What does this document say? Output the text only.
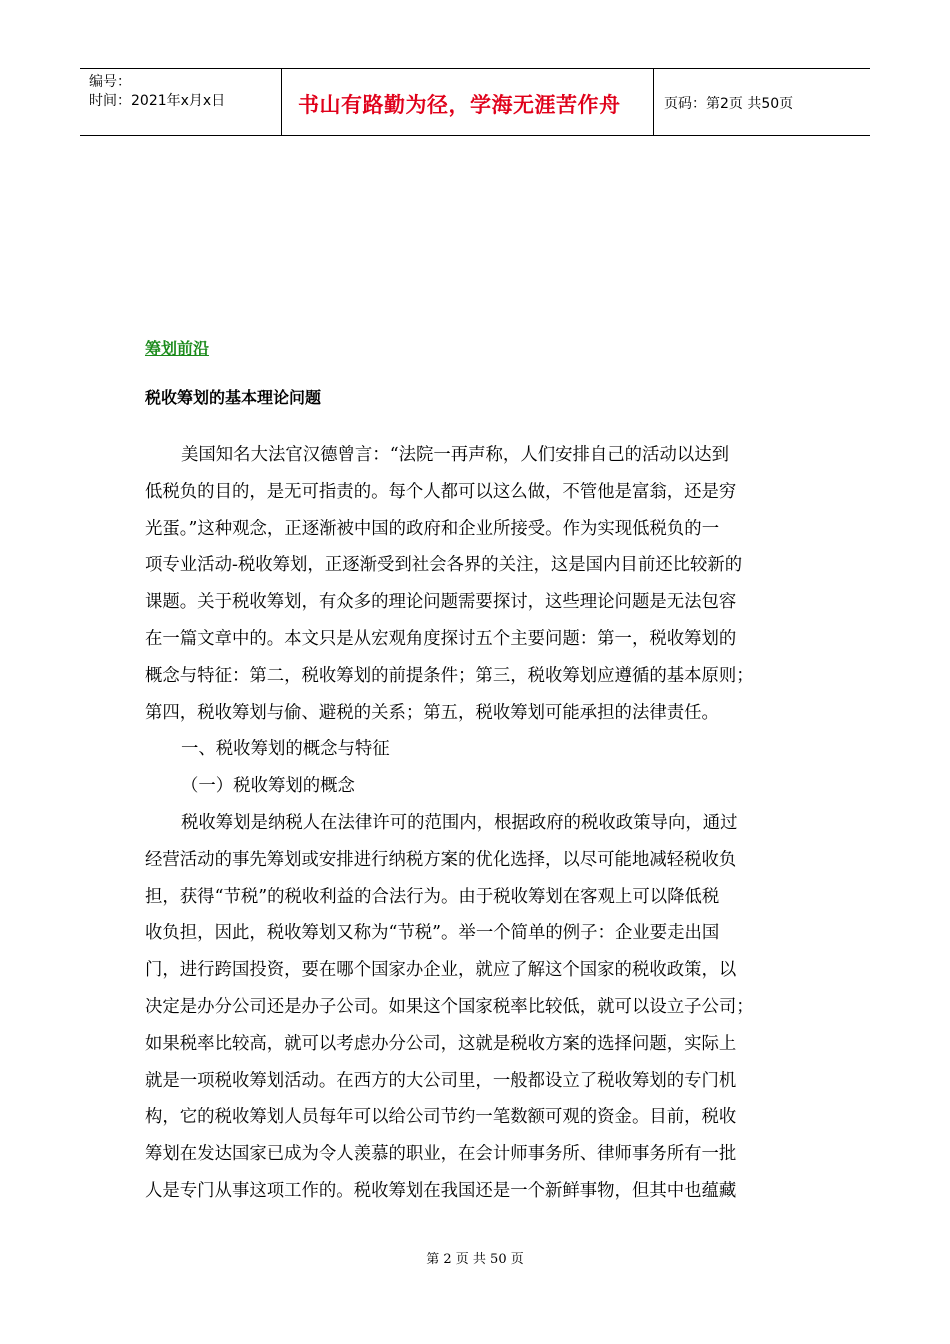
编号：
时间：2021年x月x日	书山有路勤为径，学海无涯苦作舟	页码：第2页 共50页
筹划前沿
税收筹划的基本理论问题
美国知名大法官汉德曾言：“法院一再声称，人们安排自己的活动以达到
低税负的目的，是无可指责的。每个人都可以这么做，不管他是富翁，还是穷
光蛋。”这种观念，正逐渐被中国的政府和企业所接受。作为实现低税负的一
项专业活动-税收筹划，正逐渐受到社会各界的关注，这是国内目前还比较新的
课题。关于税收筹划，有众多的理论问题需要探讨，这些理论问题是无法包容
在一篇文章中的。本文只是从宏观角度探讨五个主要问题：第一，税收筹划的
概念与特征：第二，税收筹划的前提条件；第三，税收筹划应遵循的基本原则；
第四，税收筹划与偷、避税的关系；第五，税收筹划可能承担的法律责任。
一、税收筹划的概念与特征
（一）税收筹划的概念
税收筹划是纳税人在法律许可的范围内，根据政府的税收政策导向，通过
经营活动的事先筹划或安排进行纳税方案的优化选择，以尽可能地减轻税收负
担，获得“节税”的税收利益的合法行为。由于税收筹划在客观上可以降低税
收负担，因此，税收筹划又称为“节税”。举一个简单的例子：企业要走出国
门，进行跨国投资，要在哪个国家办企业，就应了解这个国家的税收政策，以
决定是办分公司还是办子公司。如果这个国家税率比较低，就可以设立子公司；
如果税率比较高，就可以考虑办分公司，这就是税收方案的选择问题，实际上
就是一项税收筹划活动。在西方的大公司里，一般都设立了税收筹划的专门机
构，它的税收筹划人员每年可以给公司节约一笔数额可观的资金。目前，税收
筹划在发达国家已成为令人羡慕的职业，在会计师事务所、律师事务所有一批
人是专门从事这项工作的。税收筹划在我国还是一个新鲜事物，但其中也蕴藏
第 2 页 共 50 页
